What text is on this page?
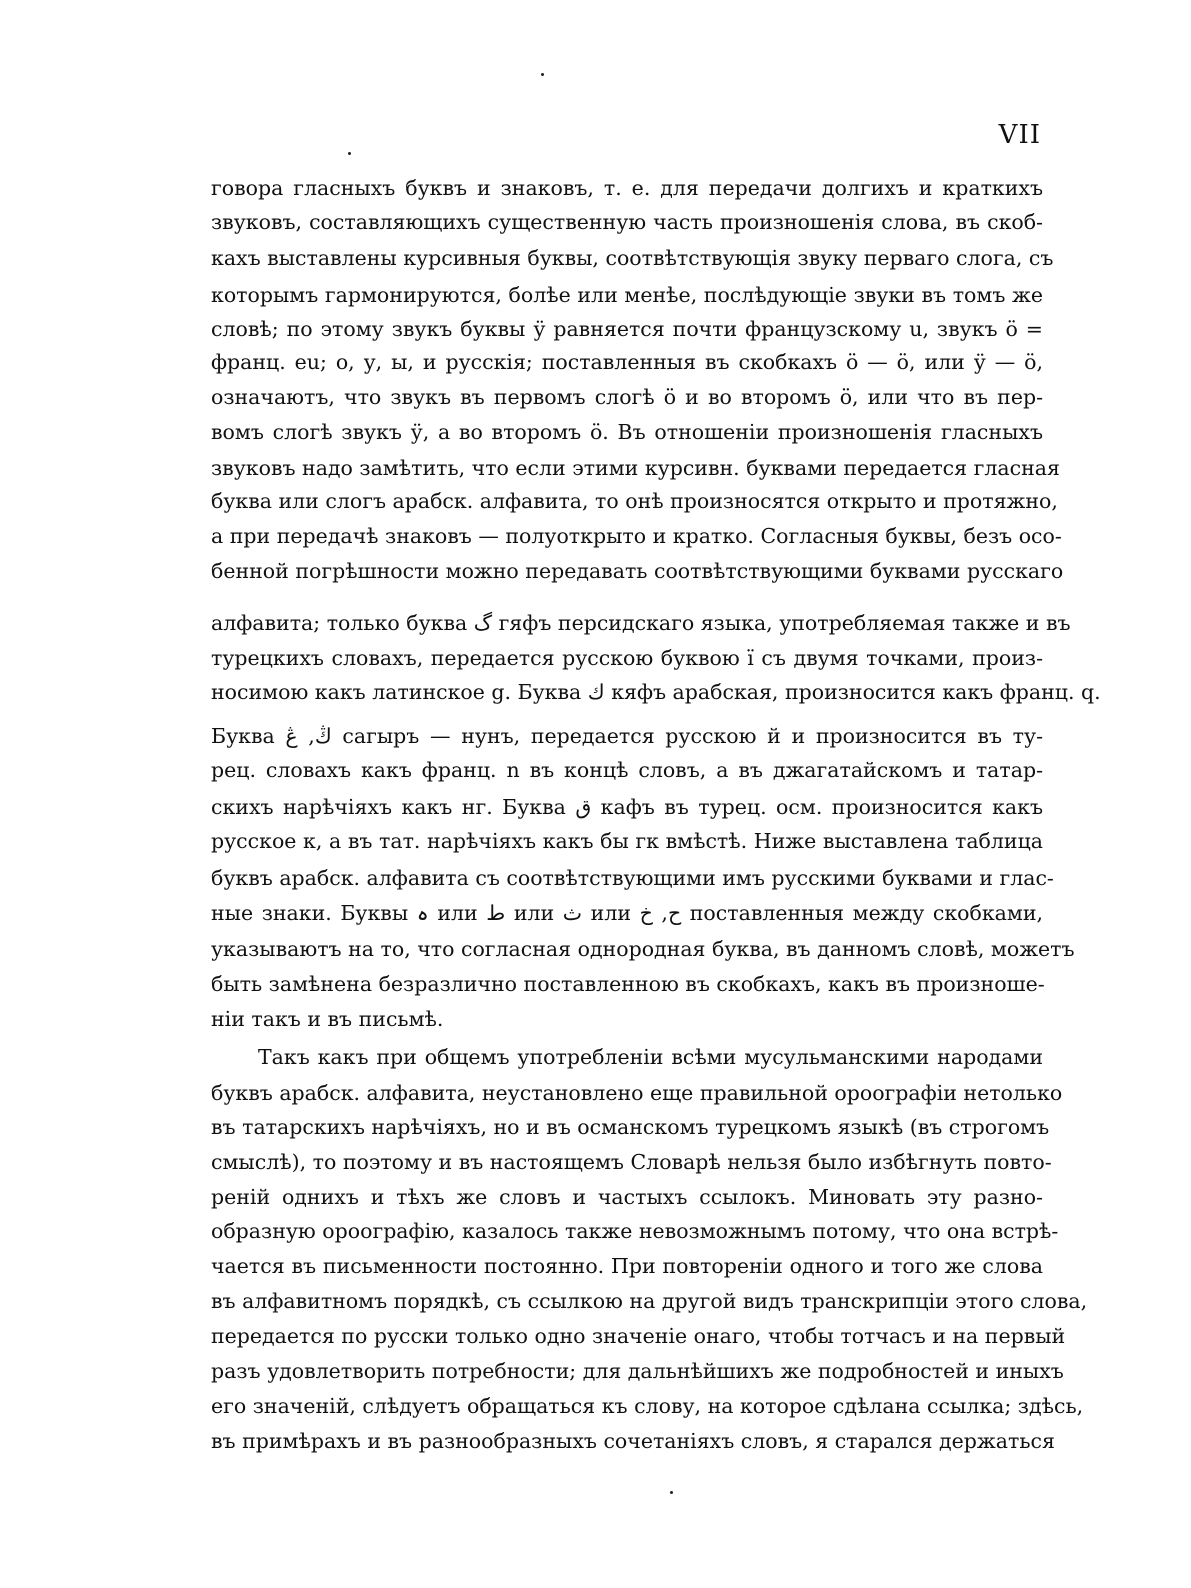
VII
говора гласныхъ буквъ и знаковъ, т. е. для передачи долгихъ и краткихъ
звуковъ, составляющихъ существенную часть произношенія слова, въ скоб-
кахъ выставлены курсивныя буквы, соотвѣтствующія звуку перваго слога, съ
которымъ гармонируются, болѣе или менѣе, послѣдующіе звуки въ томъ же
словѣ; по этому звукъ буквы ӱ равняется почти французскому u, звукъ ӧ =
франц. eu; о, у, ы, и русскія; поставленныя въ скобкахъ ӧ — ӧ, или ӱ — ӧ,
означаютъ, что звукъ въ первомъ слогѣ ӧ и во второмъ ӧ, или что въ пер-
вомъ слогѣ звукъ ӱ, а во второмъ ӧ. Въ отношеніи произношенія гласныхъ
звуковъ надо замѣтить, что если этими курсивн. буквами передается гласная
буква или слогъ арабск. алфавита, то онѣ произносятся открыто и протяжно,
а при передачѣ знаковъ — полуоткрыто и кратко. Согласныя буквы, безъ осо-
бенной погрѣшности можно передавать соотвѣтствующими буквами русскаго
алфавита; только буква گ гяфъ персидскаго языка, употребляемая также и въ
турецкихъ словахъ, передается русскою буквою ï съ двумя точками, произ-
носимою какъ латинское g. Буква ك кяфъ арабская, произносится какъ франц. q.
Буква ڭ, ڠ сагыръ — нунъ, передается русскою й и произносится въ ту-
рец. словахъ какъ франц. n въ концѣ словъ, а въ джагатайскомъ и татар-
скихъ нарѣчіяхъ какъ нг. Буква ق кафъ въ турец. осм. произносится какъ
русское к, а въ тат. нарѣчіяхъ какъ бы гк вмѣстѣ. Ниже выставлена таблица
буквъ арабск. алфавита съ соотвѣтствующими имъ русскими буквами и глас-
ные знаки. Буквы ہ или ط или ث или ح, خ поставленныя между скобками,
указываютъ на то, что согласная однородная буква, въ данномъ словѣ, можетъ
быть замѣнена безразлично поставленною въ скобкахъ, какъ въ произноше-
ніи такъ и въ письмѣ.
Такъ какъ при общемъ употребленіи всѣми мусульманскими народами
буквъ арабск. алфавита, неустановлено еще правильной ороографіи нетолько
въ татарскихъ нарѣчіяхъ, но и въ османскомъ турецкомъ языкѣ (въ строгомъ
смыслѣ), то поэтому и въ настоящемъ Словарѣ нельзя было избѣгнуть повто-
реній однихъ и тѣхъ же словъ и частыхъ ссылокъ. Миновать эту разно-
образную ороографію, казалось также невозможнымъ потому, что она встрѣ-
чается въ письменности постоянно. При повтореніи одного и того же слова
въ алфавитномъ порядкѣ, съ ссылкою на другой видъ транскрипціи этого слова,
передается по русски только одно значеніе онаго, чтобы тотчасъ и на первый
разъ удовлетворить потребности; для дальнѣйшихъ же подробностей и иныхъ
его значеній, слѣдуетъ обращаться къ слову, на которое сдѣлана ссылка; здѣсь,
въ примѣрахъ и въ разнообразныхъ сочетаніяхъ словъ, я старался держаться
